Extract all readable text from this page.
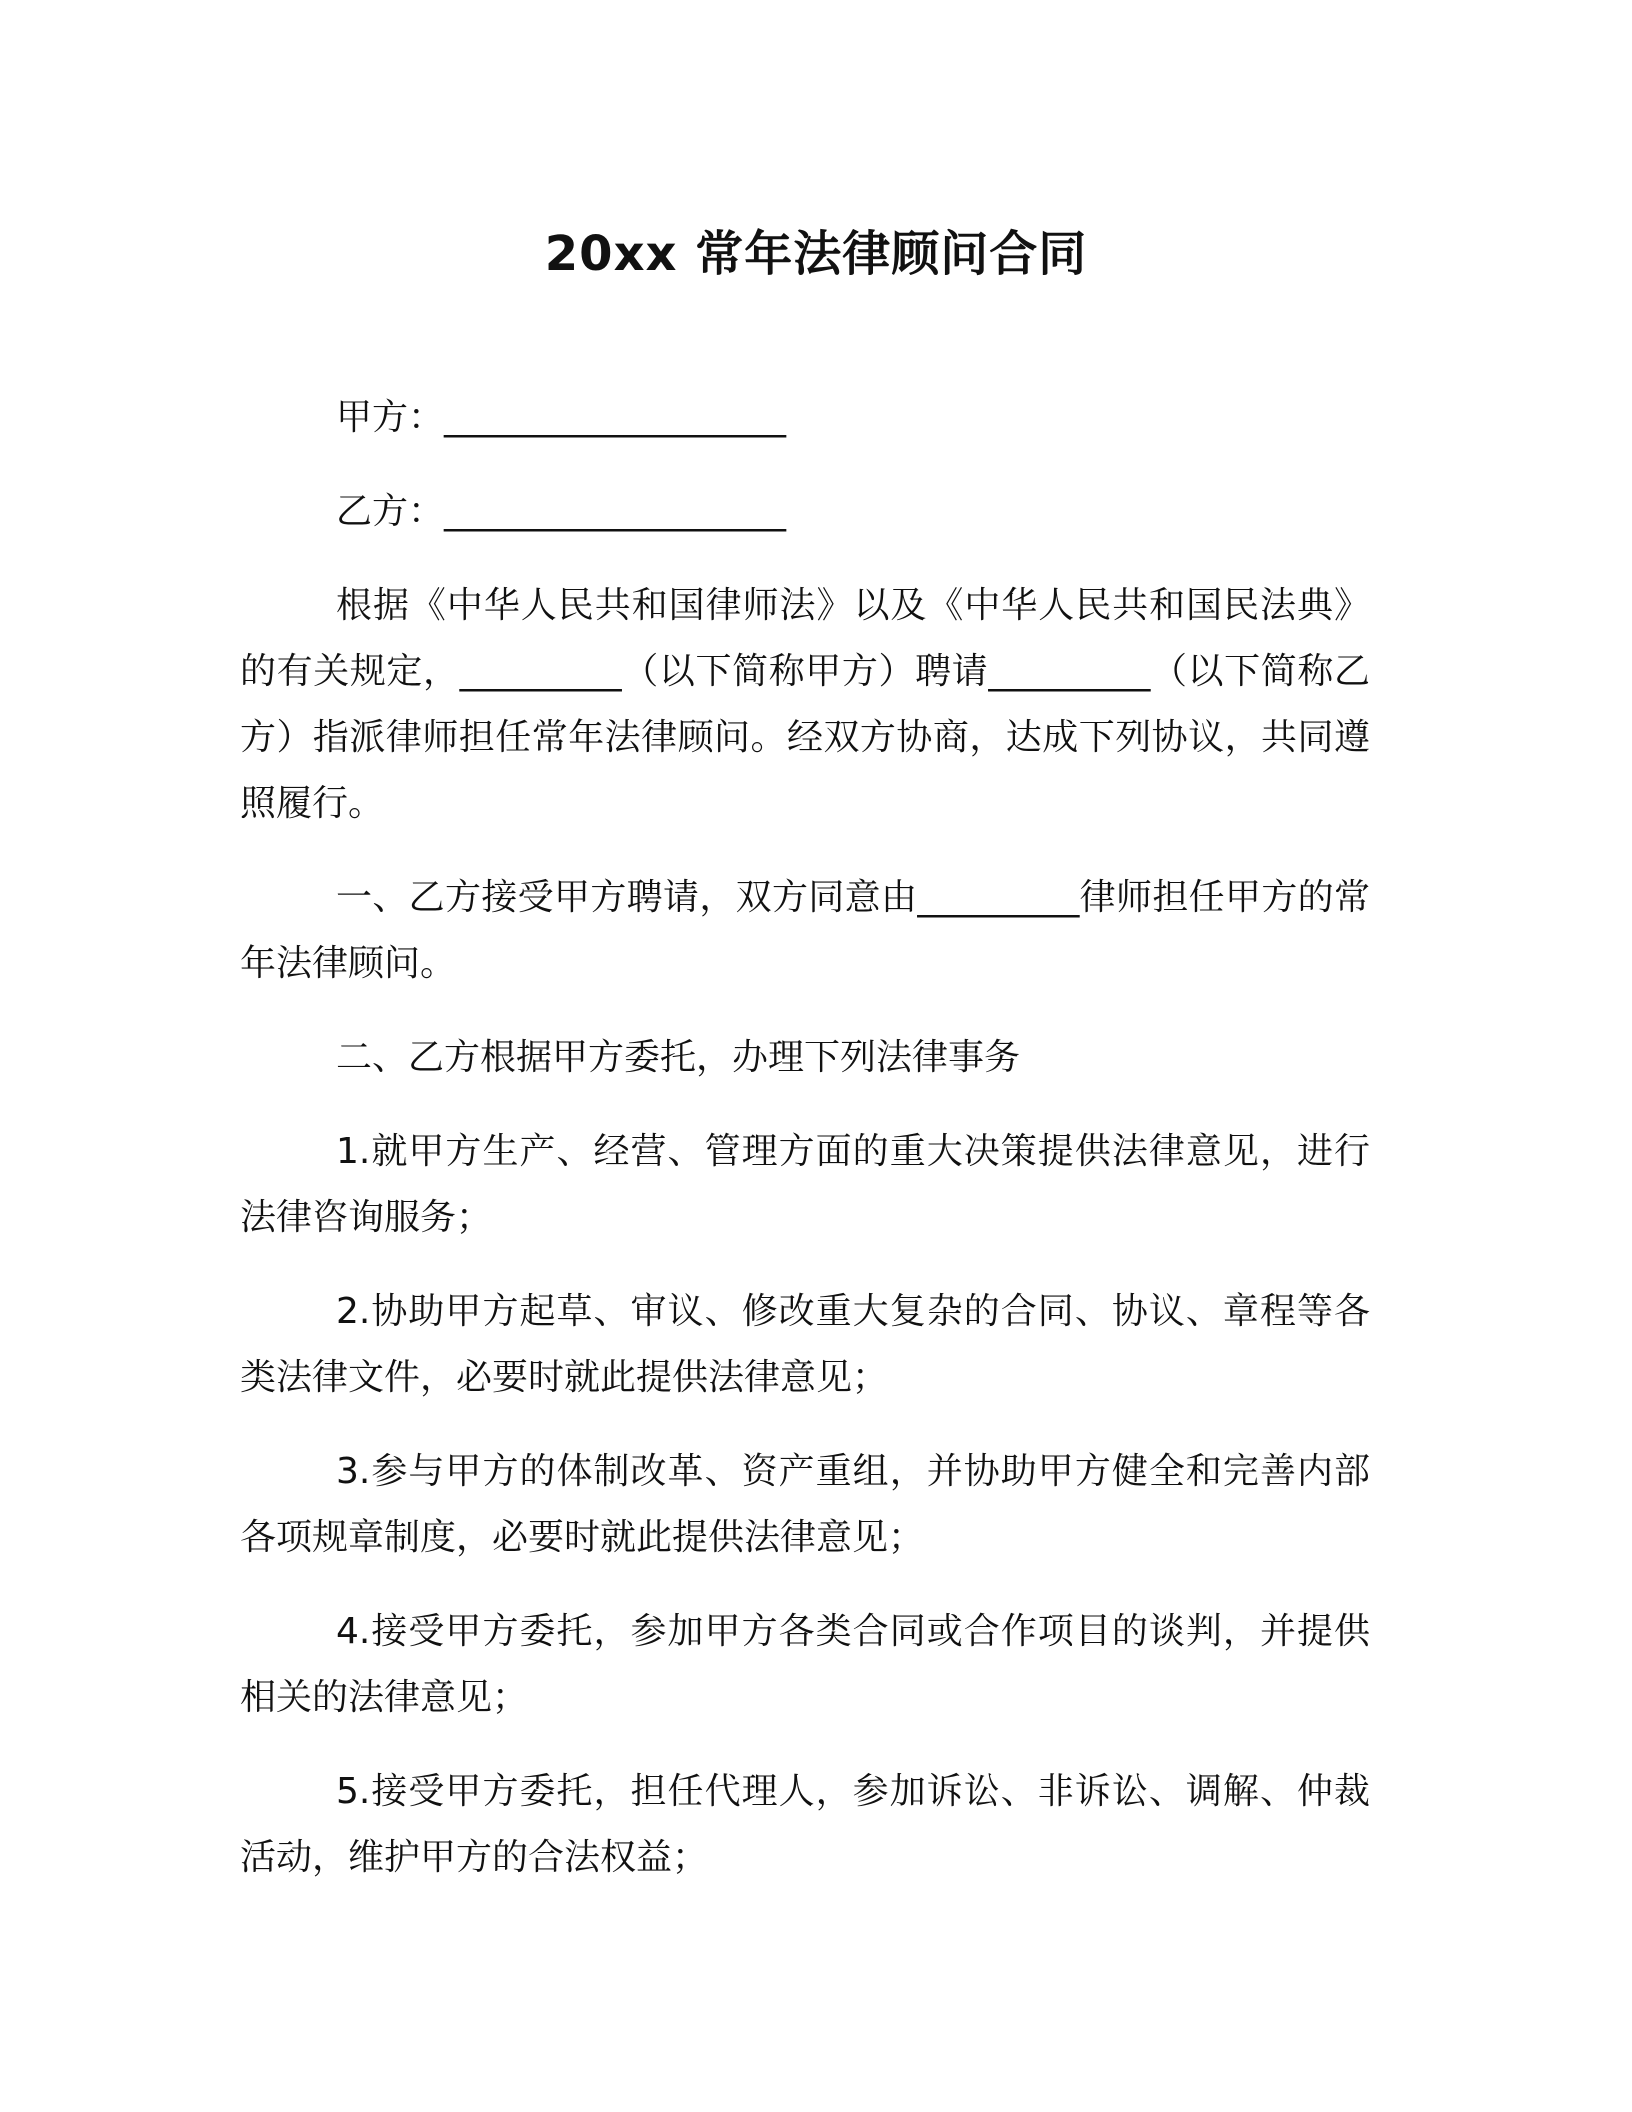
20xx 常年法律顾问合同

甲方：___________________

乙方：___________________

根据《中华人民共和国律师法》以及《中华人民共和国民法典》的有关规定，_________（以下简称甲方）聘请_________（以下简称乙方）指派律师担任常年法律顾问。经双方协商，达成下列协议，共同遵照履行。

一、乙方接受甲方聘请，双方同意由_________律师担任甲方的常年法律顾问。

二、乙方根据甲方委托，办理下列法律事务

1.就甲方生产、经营、管理方面的重大决策提供法律意见，进行法律咨询服务；

2.协助甲方起草、审议、修改重大复杂的合同、协议、章程等各类法律文件，必要时就此提供法律意见；

3.参与甲方的体制改革、资产重组，并协助甲方健全和完善内部各项规章制度，必要时就此提供法律意见；

4.接受甲方委托，参加甲方各类合同或合作项目的谈判，并提供相关的法律意见；

5.接受甲方委托，担任代理人，参加诉讼、非诉讼、调解、仲裁活动，维护甲方的合法权益；
